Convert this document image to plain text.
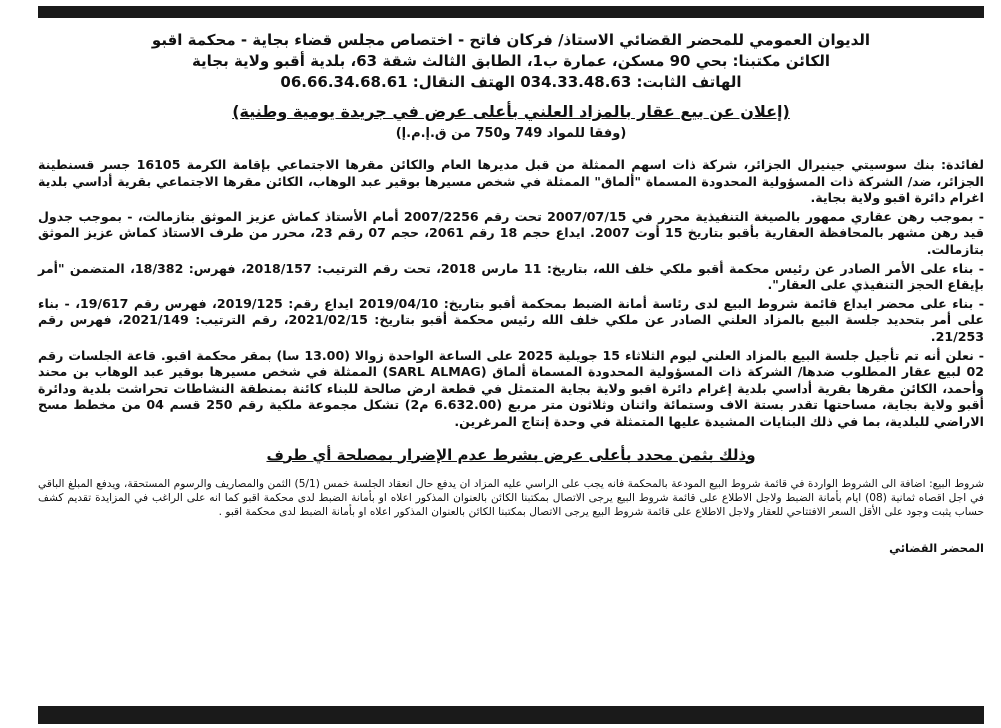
الديوان العمومي للمحضر القضائي الاستاذ/ فركان فاتح - اختصاص مجلس قضاء بجاية - محكمة اقبو
الكائن مكتبنا: بحي 90 مسكن، عمارة ب1، الطابق الثالث شقة 63، بلدية أقبو ولاية بجاية
الهاتف الثابت: 034.33.48.63 الهتف النقال: 06.66.34.68.61
(إعلان عن بيع عقار بالمزاد العلني بأعلى عرض في جريدة يومية وطنية)
(وفقا للمواد 749 و750 من ق.إ.م.إ)

لفائدة: بنك سوسيتي جينيرال الجزائر، شركة ذات اسهم الممثلة من قبل مديرها العام والكائن مقرها الاجتماعي بإقامة الكرمة 16105 جسر قسنطينة الجزائر، ضد/ الشركة ذات المسؤولية المحدودة المسماة "ألماق" الممثلة في شخص مسيرها بوقير عبد الوهاب، الكائن مقرها الاجتماعي بقرية أداسي بلدية اغرام دائرة اقبو ولاية بجاية.

- بموجب رهن عقاري ممهور بالصيغة التنفيذية محرر في 2007/07/15 تحت رقم 2007/2256 أمام الأستاذ كماش عزيز الموثق بتازمالت، - بموجب جدول قيد رهن مشهر بالمحافظة العقارية بأقبو بتاريخ 15 أوت 2007. ايداع حجم 18 رقم 2061، حجم 07 رقم 23، محرر من طرف الاستاذ كماش عزيز الموثق بتازمالت.

- بناء على الأمر الصادر عن رئيس محكمة أقبو ملكي خلف الله، بتاريخ: 11 مارس 2018، تحت رقم الترتيب: 2018/157، فهرس: 18/382، المتضمن "أمر بإيقاع الحجز التنفيذي على العقار".

- بناء على محضر ايداع قائمة شروط البيع لدى رئاسة أمانة الضبط بمحكمة أقبو بتاريخ: 2019/04/10 ايداع رقم: 2019/125، فهرس رقم 19/617، - بناء على أمر بتحديد جلسة البيع بالمزاد العلني الصادر عن ملكي خلف الله رئيس محكمة أقبو بتاريخ: 2021/02/15، رقم الترتيب: 2021/149، فهرس رقم 21/253.

- نعلن أنه تم تأجيل جلسة البيع بالمزاد العلني ليوم الثلاثاء 15 جويلية 2025 على الساعة الواحدة زوالا (13.00 سا) بمقر محكمة اقبو. قاعة الجلسات رقم 02 لبيع عقار المطلوب ضدها/ الشركة ذات المسؤولية المحدودة المسماة ألماق (SARL ALMAG) الممثلة في شخص مسيرها بوقير عبد الوهاب بن محند وأحمد، الكائن مقرها بقرية أداسي بلدية إغرام دائرة اقبو ولاية بجاية المتمثل في قطعة ارض صالحة للبناء كائنة بمنطقة النشاطات تحراشت بلدية ودائرة أقبو ولاية بجاية، مساحتها تقدر بستة الاف وستمائة واثنان وثلاثون متر مربع (6.632.00 م2) تشكل مجموعة ملكية رقم 250 قسم 04 من مخطط مسح الاراضي للبلدية، بما في ذلك البنايات المشيدة عليها المتمثلة في وحدة إنتاج المرغرين.

وذلك بثمن محدد بأعلى عرض بشرط عدم الإضرار بمصلحة أي طرف
شروط البيع: اضافة الى الشروط الواردة في قائمة شروط البيع المودعة بالمحكمة فانه يجب على الراسي عليه المزاد ان يدفع حال انعقاد الجلسة خمس (5/1) الثمن والمصاريف والرسوم المستحقة، ويدفع المبلغ الباقي في اجل اقصاه ثمانية (08) ايام بأمانة الضبط ولاجل الاطلاع على قائمة شروط البيع يرجى الاتصال بمكتبنا الكائن بالعنوان المذكور اعلاه او بأمانة الضبط لدى محكمة اقبو كما انه على الراغب في المزايدة تقديم كشف حساب يثبت وجود على الأقل السعر الافتتاحي للعقار ولاجل الاطلاع على قائمة شروط البيع يرجى الاتصال بمكتبنا الكائن بالعنوان المذكور اعلاه او بأمانة الضبط لدى محكمة اقبو .
المحضر القضائي
